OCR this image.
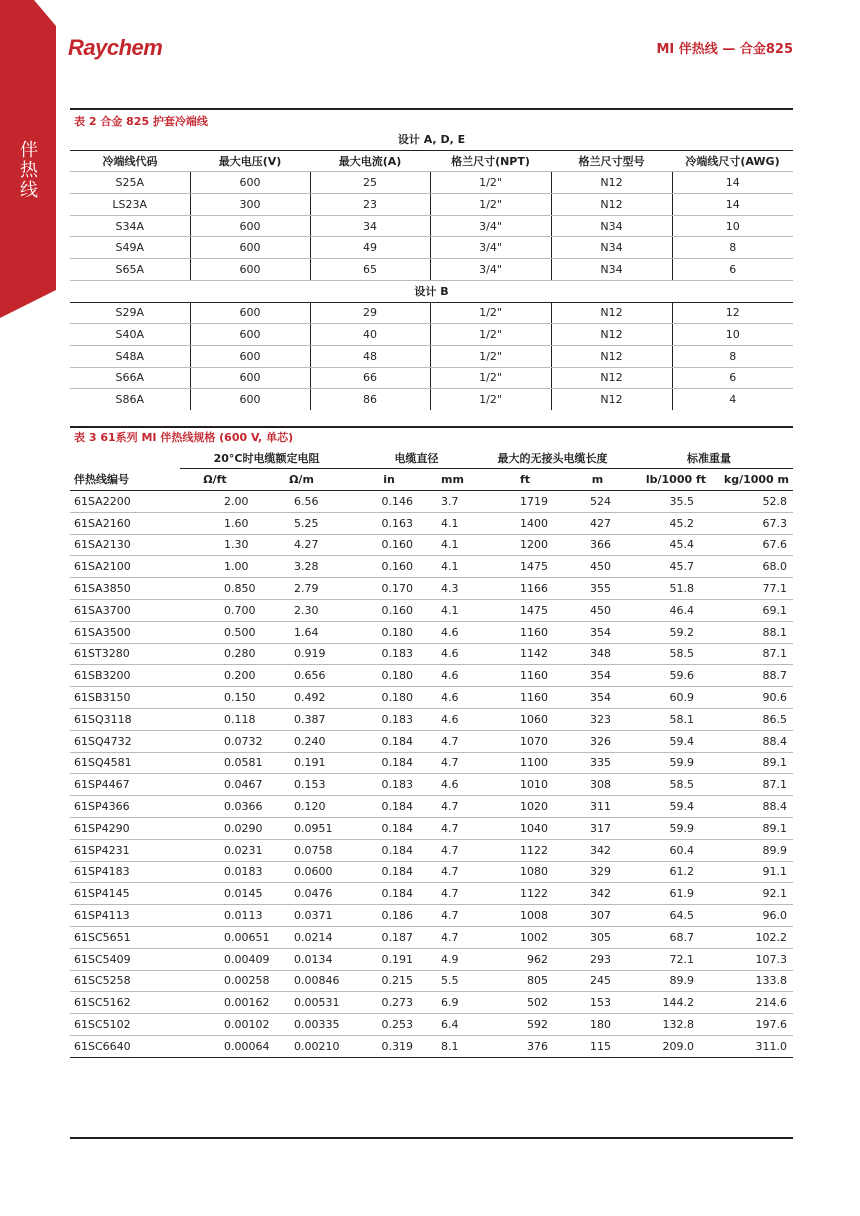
伴热线
Raychem	MI 伴热线 — 合金825
表 2 合金 825 护套冷端线
设计 A, D, E					
冷端线代码	最大电压(V)	最大电流(A)	格兰尺寸(NPT)	格兰尺寸型号	冷端线尺寸(AWG)
S25A	600	25	1/2"	N12	14
LS23A	300	23	1/2"	N12	14
S34A	600	34	3/4"	N34	10
S49A	600	49	3/4"	N34	8
S65A	600	65	3/4"	N34	6
设计 B					
S29A	600	29	1/2"	N12	12
S40A	600	40	1/2"	N12	10
S48A	600	48	1/2"	N12	8
S66A	600	66	1/2"	N12	6
S86A	600	86	1/2"	N12	4
表 3 61系列 MI 伴热线规格 (600 V, 单芯)
	20°C时电缆额定电阻		电缆直径		最大的无接头电缆长度		标准重量	
伴热线编号	Ω/ft	Ω/m	in	mm	ft	m	lb/1000 ft	kg/1000 m
61SA2200	2.00	6.56	0.146	3.7	1719	524	35.5	52.8
61SA2160	1.60	5.25	0.163	4.1	1400	427	45.2	67.3
61SA2130	1.30	4.27	0.160	4.1	1200	366	45.4	67.6
61SA2100	1.00	3.28	0.160	4.1	1475	450	45.7	68.0
61SA3850	0.850	2.79	0.170	4.3	1166	355	51.8	77.1
61SA3700	0.700	2.30	0.160	4.1	1475	450	46.4	69.1
61SA3500	0.500	1.64	0.180	4.6	1160	354	59.2	88.1
61ST3280	0.280	0.919	0.183	4.6	1142	348	58.5	87.1
61SB3200	0.200	0.656	0.180	4.6	1160	354	59.6	88.7
61SB3150	0.150	0.492	0.180	4.6	1160	354	60.9	90.6
61SQ3118	0.118	0.387	0.183	4.6	1060	323	58.1	86.5
61SQ4732	0.0732	0.240	0.184	4.7	1070	326	59.4	88.4
61SQ4581	0.0581	0.191	0.184	4.7	1100	335	59.9	89.1
61SP4467	0.0467	0.153	0.183	4.6	1010	308	58.5	87.1
61SP4366	0.0366	0.120	0.184	4.7	1020	311	59.4	88.4
61SP4290	0.0290	0.0951	0.184	4.7	1040	317	59.9	89.1
61SP4231	0.0231	0.0758	0.184	4.7	1122	342	60.4	89.9
61SP4183	0.0183	0.0600	0.184	4.7	1080	329	61.2	91.1
61SP4145	0.0145	0.0476	0.184	4.7	1122	342	61.9	92.1
61SP4113	0.0113	0.0371	0.186	4.7	1008	307	64.5	96.0
61SC5651	0.00651	0.0214	0.187	4.7	1002	305	68.7	102.2
61SC5409	0.00409	0.0134	0.191	4.9	962	293	72.1	107.3
61SC5258	0.00258	0.00846	0.215	5.5	805	245	89.9	133.8
61SC5162	0.00162	0.00531	0.273	6.9	502	153	144.2	214.6
61SC5102	0.00102	0.00335	0.253	6.4	592	180	132.8	197.6
61SC6640	0.00064	0.00210	0.319	8.1	376	115	209.0	311.0
